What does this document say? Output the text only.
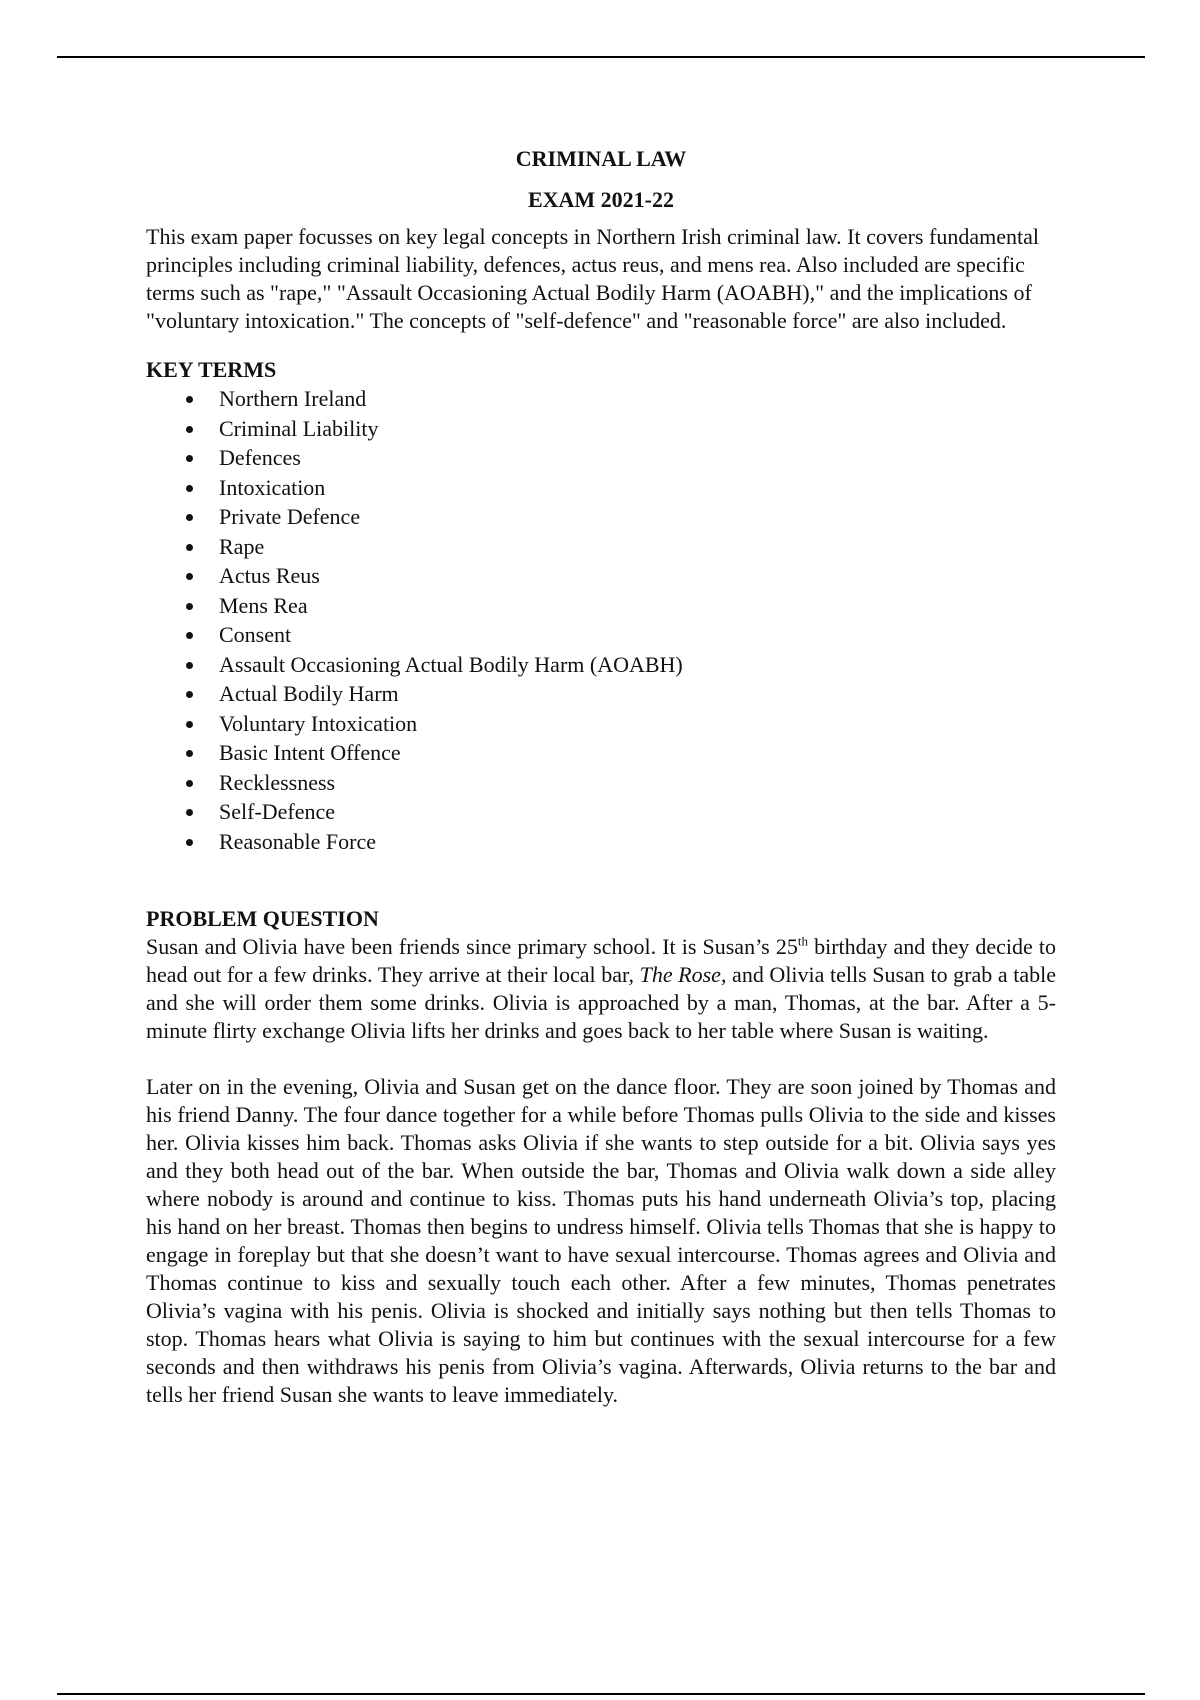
CRIMINAL LAW
EXAM 2021-22

This exam paper focusses on key legal concepts in Northern Irish criminal law. It covers fundamental principles including criminal liability, defences, actus reus, and mens rea. Also included are specific terms such as "rape," "Assault Occasioning Actual Bodily Harm (AOABH)," and the implications of "voluntary intoxication." The concepts of "self-defence" and "reasonable force" are also included.

KEY TERMS
Northern Ireland
Criminal Liability
Defences
Intoxication
Private Defence
Rape
Actus Reus
Mens Rea
Consent
Assault Occasioning Actual Bodily Harm (AOABH)
Actual Bodily Harm
Voluntary Intoxication
Basic Intent Offence
Recklessness
Self-Defence
Reasonable Force
PROBLEM QUESTION

Susan and Olivia have been friends since primary school. It is Susan’s 25th birthday and they decide to head out for a few drinks. They arrive at their local bar, The Rose, and Olivia tells Susan to grab a table and she will order them some drinks. Olivia is approached by a man, Thomas, at the bar. After a 5-minute flirty exchange Olivia lifts her drinks and goes back to her table where Susan is waiting.

Later on in the evening, Olivia and Susan get on the dance floor. They are soon joined by Thomas and his friend Danny. The four dance together for a while before Thomas pulls Olivia to the side and kisses her. Olivia kisses him back. Thomas asks Olivia if she wants to step outside for a bit. Olivia says yes and they both head out of the bar. When outside the bar, Thomas and Olivia walk down a side alley where nobody is around and continue to kiss. Thomas puts his hand underneath Olivia’s top, placing his hand on her breast. Thomas then begins to undress himself. Olivia tells Thomas that she is happy to engage in foreplay but that she doesn’t want to have sexual intercourse. Thomas agrees and Olivia and Thomas continue to kiss and sexually touch each other. After a few minutes, Thomas penetrates Olivia’s vagina with his penis. Olivia is shocked and initially says nothing but then tells Thomas to stop. Thomas hears what Olivia is saying to him but continues with the sexual intercourse for a few seconds and then withdraws his penis from Olivia’s vagina. Afterwards, Olivia returns to the bar and tells her friend Susan she wants to leave immediately.
